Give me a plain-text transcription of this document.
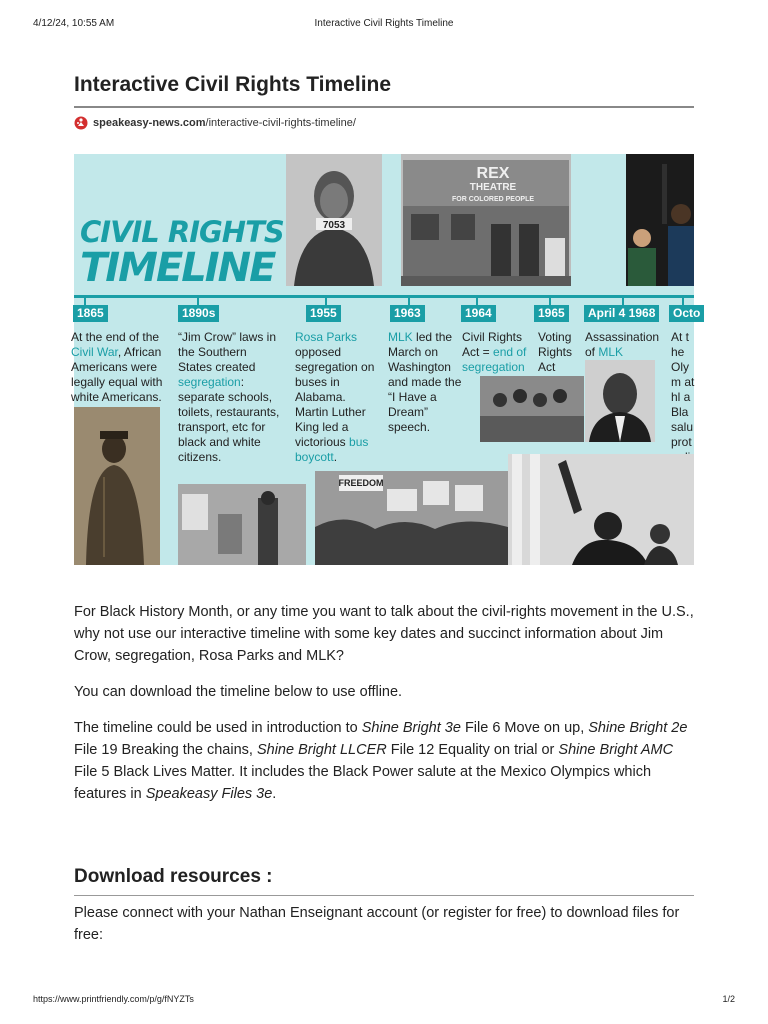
4/12/24, 10:55 AM	Interactive Civil Rights Timeline
Interactive Civil Rights Timeline
speakeasy-news.com /interactive-civil-rights-timeline/
7053
REX
THEATRE
FOR COLORED PEOPLE
CIVIL RIGHTS
TIMELINE
1865	1890s	1955	1963	1964	1965	April 4 1968	Octo
At the end of the Civil War, African Americans were legally equal with white Americans.
“Jim Crow” laws in the Southern States created segregation: separate schools, toilets, restaurants, transport, etc for black and white citizens.
Rosa Parks opposed segregation on buses in Alabama. Martin Luther King led a victorious bus boycott.
MLK led the March on Washington and made the “I Have a Dream” speech.
Civil Rights Act = end of segregation
Voting Rights Act
Assassination of MLK
At the Olym athl a Bla salu prot
FREEDOM

For Black History Month, or any time you want to talk about the civil-rights movement in the U.S., why not use our interactive timeline with some key dates and succinct information about Jim Crow, segregation, Rosa Parks and MLK?

You can download the timeline below to use offline.

The timeline could be used in introduction to Shine Bright 3e File 6 Move on up, Shine Bright 2e File 19 Breaking the chains, Shine Bright LLCER File 12 Equality on trial or Shine Bright AMC File 5 Black Lives Matter. It includes the Black Power salute at the Mexico Olympics which features in Speakeasy Files 3e.

Download resources :

Please connect with your Nathan Enseignant account (or register for free) to download files for free:

https://www.printfriendly.com/p/g/fNYZTs	1/2
